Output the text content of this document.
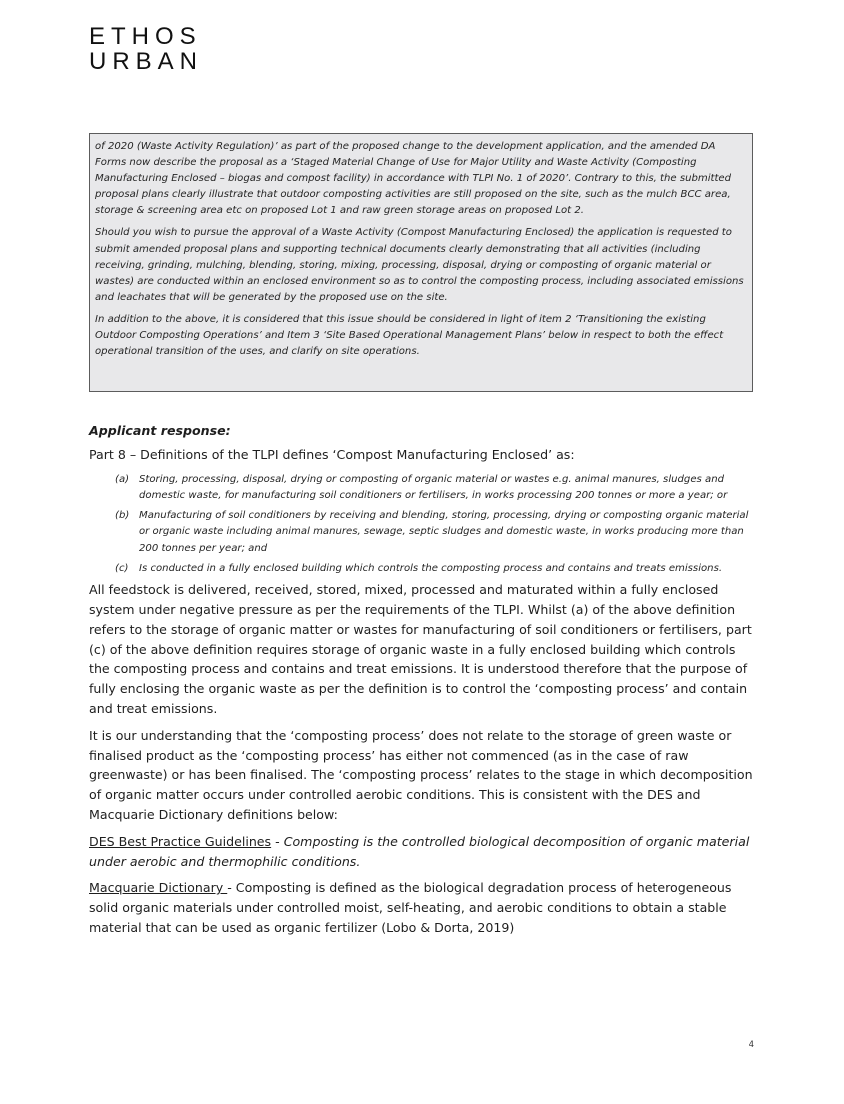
ETHOS
URBAN

of 2020 (Waste Activity Regulation)’ as part of the proposed change to the development application, and the amended DA Forms now describe the proposal as a ‘Staged Material Change of Use for Major Utility and Waste Activity (Composting Manufacturing Enclosed – biogas and compost facility) in accordance with TLPI No. 1 of 2020’. Contrary to this, the submitted proposal plans clearly illustrate that outdoor composting activities are still proposed on the site, such as the mulch BCC area, storage & screening area etc on proposed Lot 1 and raw green storage areas on proposed Lot 2.

Should you wish to pursue the approval of a Waste Activity (Compost Manufacturing Enclosed) the application is requested to submit amended proposal plans and supporting technical documents clearly demonstrating that all activities (including receiving, grinding, mulching, blending, storing, mixing, processing, disposal, drying or composting of organic material or wastes) are conducted within an enclosed environment so as to control the composting process, including associated emissions and leachates that will be generated by the proposed use on the site.

In addition to the above, it is considered that this issue should be considered in light of item 2 ‘Transitioning the existing Outdoor Composting Operations’ and Item 3 ‘Site Based Operational Management Plans’ below in respect to both the effect operational transition of the uses, and clarify on site operations.

Applicant response:

Part 8 – Definitions of the TLPI defines ‘Compost Manufacturing Enclosed’ as:

(a) Storing, processing, disposal, drying or composting of organic material or wastes e.g. animal manures, sludges and domestic waste, for manufacturing soil conditioners or fertilisers, in works processing 200 tonnes or more a year; or
(b) Manufacturing of soil conditioners by receiving and blending, storing, processing, drying or composting organic material or organic waste including animal manures, sewage, septic sludges and domestic waste, in works producing more than 200 tonnes per year; and
(c) Is conducted in a fully enclosed building which controls the composting process and contains and treats emissions.

All feedstock is delivered, received, stored, mixed, processed and maturated within a fully enclosed system under negative pressure as per the requirements of the TLPI. Whilst (a) of the above definition refers to the storage of organic matter or wastes for manufacturing of soil conditioners or fertilisers, part (c) of the above definition requires storage of organic waste in a fully enclosed building which controls the composting process and contains and treat emissions. It is understood therefore that the purpose of fully enclosing the organic waste as per the definition is to control the ‘composting process’ and contain and treat emissions.

It is our understanding that the ‘composting process’ does not relate to the storage of green waste or finalised product as the ‘composting process’ has either not commenced (as in the case of raw greenwaste) or has been finalised. The ‘composting process’ relates to the stage in which decomposition of organic matter occurs under controlled aerobic conditions. This is consistent with the DES and Macquarie Dictionary definitions below:

DES Best Practice Guidelines - Composting is the controlled biological decomposition of organic material under aerobic and thermophilic conditions.

Macquarie Dictionary - Composting is defined as the biological degradation process of heterogeneous solid organic materials under controlled moist, self-heating, and aerobic conditions to obtain a stable material that can be used as organic fertilizer (Lobo & Dorta, 2019)

4
